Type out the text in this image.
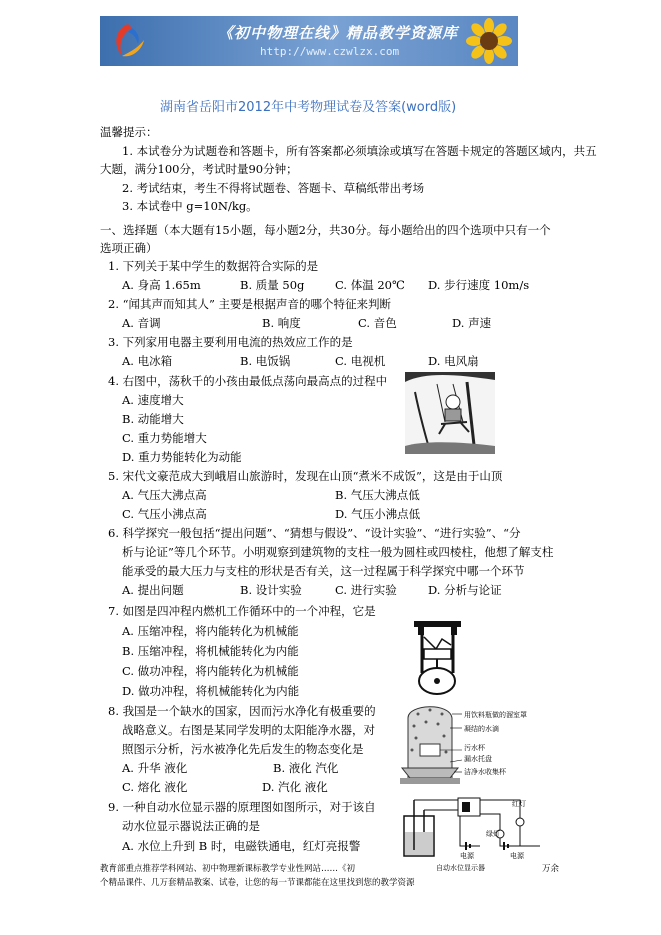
《初中物理在线》精品教学资源库
http://www.czwlzx.com
湖南省岳阳市2012年中考物理试卷及答案(word版)
温馨提示：
1. 本试卷分为试题卷和答题卡，所有答案都必须填涂或填写在答题卡规定的答题区域内，共五
大题，满分100分，考试时量90分钟；
2. 考试结束，考生不得将试题卷、答题卡、草稿纸带出考场
3. 本试卷中 g=10N/kg。
一、选择题（本大题有15小题，每小题2分，共30分。每小题给出的四个选项中只有一个
选项正确）
1. 下列关于某中学生的数据符合实际的是
A. 身高 1.65m	B. 质量 50g	C. 体温 20℃ D. 步行速度 10m/s
2. “闻其声而知其人” 主要是根据声音的哪个特征来判断
A. 音调	B. 响度	C. 音色	D. 声速
3. 下列家用电器主要利用电流的热效应工作的是
A. 电冰箱	B. 电饭锅	C. 电视机	D. 电风扇
4. 右图中，荡秋千的小孩由最低点荡向最高点的过程中
A. 速度增大
B. 动能增大
C. 重力势能增大
D. 重力势能转化为动能
5. 宋代文豪范成大到峨眉山旅游时，发现在山顶“煮米不成饭”，这是由于山顶
A. 气压大沸点高	B. 气压大沸点低
C. 气压小沸点高	D. 气压小沸点低
6. 科学探究一般包括“提出问题”、“猜想与假设”、“设计实验”、“进行实验”、“分
析与论证”等几个环节。小明观察到建筑物的支柱一般为圆柱或四棱柱，他想了解支柱
能承受的最大压力与支柱的形状是否有关，这一过程属于科学探究中哪一个环节
A. 提出问题	B. 设计实验	C. 进行实验	D. 分析与论证
7. 如图是四冲程内燃机工作循环中的一个冲程，它是
A. 压缩冲程，将内能转化为机械能
B. 压缩冲程，将机械能转化为内能
C. 做功冲程，将内能转化为机械能
D. 做功冲程，将机械能转化为内能
8. 我国是一个缺水的国家，因而污水净化有极重要的
战略意义。右图是某同学发明的太阳能净水器，对
照图示分析，污水被净化先后发生的物态变化是
A. 升华 液化	B. 液化 汽化
C. 熔化 液化	D. 汽化 液化
用饮料瓶做的溜室罩
凝结的水滴
污水杯
漏水托盘
洁净水收集杯
9. 一种自动水位显示器的原理图如图所示，对于该自
动水位显示器说法正确的是
A. 水位上升到 B 时，电磁铁通电，红灯亮报警
红灯
绿灯
电源	电源
自动水位显示器
教育部重点推荐学科网站、初中物理新课标教学专业性网站……《初	万余
个精品课件、几万套精品教案、试卷，让您的每一节课都能在这里找到您的教学资源
